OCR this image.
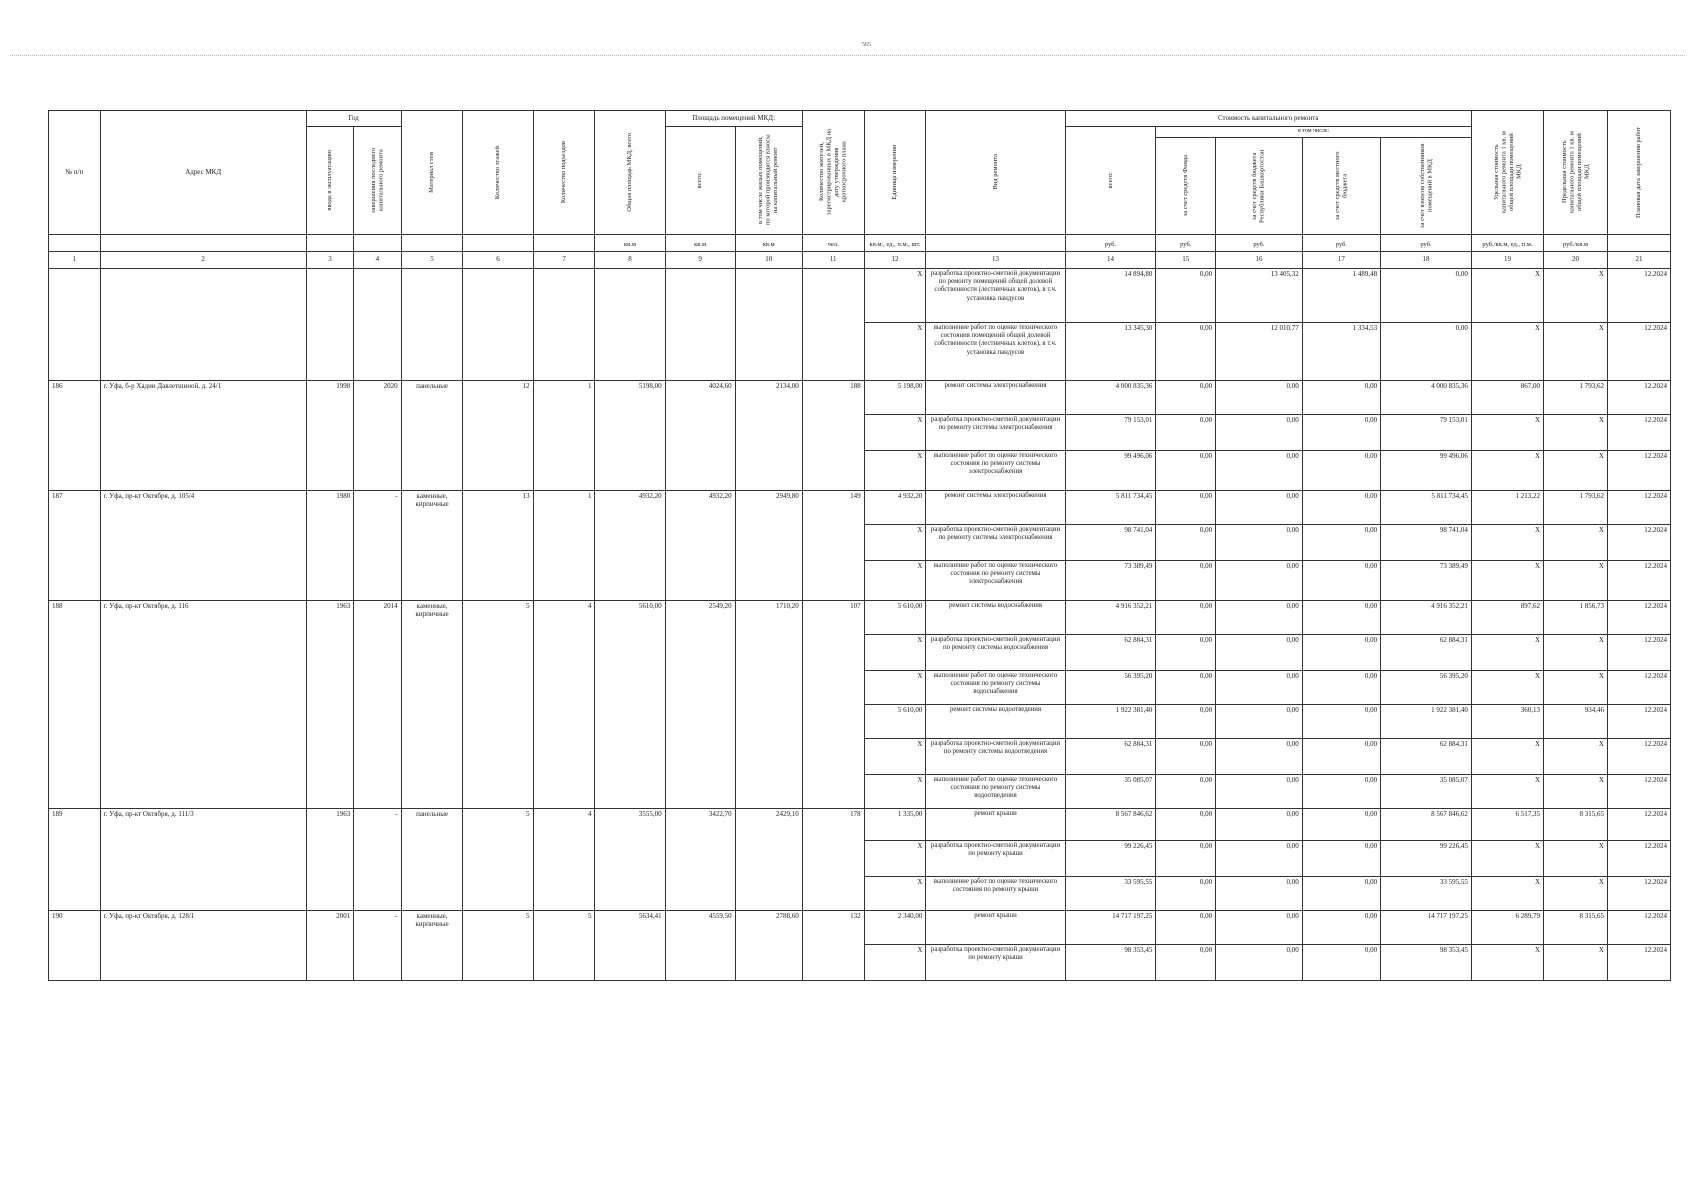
565
№ п/п	Адрес МКД	Год		Материал стен	Количество этажей	Количество подъездов	Общая площадь МКД, всего	Площадь помещений МКД:		Количество жителей, зарегистрированных в МКД на дату утверждения краткосрочного плана	Единица измерения	Вид ремонта	Стоимость капитального ремонта					Удельная стоимость капитального ремонта 1 кв. м общей площади помещений МКД	Предельная стоимость капитального ремонта 1 кв. м общей площади помещений МКД	Плановая дата завершения работ

		ввода в эксплуатацию	завершения последнего капитального ремонта					всего:	в том числе жилых помещений, по которой производятся взносы на капитальный ремонт				всего:	в том числе:						

														за счет средств Фонда	за счет средств бюджета Республики Башкортостан	за счет средств местного бюджета	за счет взносов собственников помещений в МКД			

							кв.м	кв.м	кв.м	чел.	кв.м., ед., п.м., шт.		руб.	руб.	руб.	руб.	руб.	руб./кв.м, ед., п.м.	руб./кв.м	
1	2	3	4	5	6	7	8	9	10	11	12	13	14	15	16	17	18	19	20	21
											X	разработка проектно-сметной документации по ремонту помещений общей долевой собственности (лестничных клеток), в т.ч. установка пандусов	14 894,80	0,00	13 405,32	1 489,48	0,00	X	X	12.2024
											X	выполнение работ по оценке технического состояния помещений общей долевой собственности (лестничных клеток), в т.ч. установка пандусов	13 345,30	0,00	12 010,77	1 334,53	0,00	X	X	12.2024
186	г. Уфа, б-р Хадии Давлетшиной, д. 24/1	1998	2020	панельные	12	1	5198,00	4024,60	2134,00	188	5 198,00	ремонт системы электроснабжения	4 000 835,36	0,00	0,00	0,00	4 000 835,36	867,00	1 793,62	12.2024
											X	разработка проектно-сметной документации по ремонту системы электроснабжения	79 153,01	0,00	0,00	0,00	79 153,01	X	X	12.2024
											X	выполнение работ по оценке технического состояния по ремонту системы электроснабжения	99 496,06	0,00	0,00	0,00	99 496,06	X	X	12.2024
187	г. Уфа, пр-кт Октября, д. 105/4	1980	-	каменные, кирпичные	13	1	4932,20	4932,20	2949,80	149	4 932,20	ремонт системы электроснабжения	5 811 734,45	0,00	0,00	0,00	5 811 734,45	1 213,22	1 793,62	12.2024
											X	разработка проектно-сметной документации по ремонту системы электроснабжения	98 741,04	0,00	0,00	0,00	98 741,04	X	X	12.2024
											X	выполнение работ по оценке технического состояния по ремонту системы электроснабжения	73 389,49	0,00	0,00	0,00	73 389,49	X	X	12.2024
188	г. Уфа, пр-кт Октября, д. 116	1963	2014	каменные, кирпичные	5	4	5610,00	2549,20	1710,20	107	5 610,00	ремонт системы водоснабжения	4 916 352,21	0,00	0,00	0,00	4 916 352,21	897,62	1 856,73	12.2024
											X	разработка проектно-сметной документации по ремонту системы водоснабжения	62 884,31	0,00	0,00	0,00	62 884,31	X	X	12.2024
											X	выполнение работ по оценке технического состояния по ремонту системы водоснабжения	56 395,20	0,00	0,00	0,00	56 395,20	X	X	12.2024
											5 610,00	ремонт системы водоотведения	1 922 381,40	0,00	0,00	0,00	1 922 381,40	360,13	934,46	12.2024
											X	разработка проектно-сметной документации по ремонту системы водоотведения	62 884,31	0,00	0,00	0,00	62 884,31	X	X	12.2024
											X	выполнение работ по оценке технического состояния по ремонту системы водоотведения	35 085,07	0,00	0,00	0,00	35 085,07	X	X	12.2024
189	г. Уфа, пр-кт Октября, д. 111/3	1963	-	панельные	5	4	3555,00	3422,70	2429,10	178	1 335,00	ремонт крыши	8 567 846,62	0,00	0,00	0,00	8 567 846,62	6 517,35	8 315,65	12.2024
											X	разработка проектно-сметной документации по ремонту крыши	99 226,45	0,00	0,00	0,00	99 226,45	X	X	12.2024
											X	выполнение работ по оценке технического состояния по ремонту крыши	33 595,55	0,00	0,00	0,00	33 595,55	X	X	12.2024
190	г. Уфа, пр-кт Октября, д. 128/1	2001	-	каменные, кирпичные	5	5	5634,41	4559,50	2788,60	132	2 340,00	ремонт крыши	14 717 197,25	0,00	0,00	0,00	14 717 197,25	6 289,79	8 315,65	12.2024
											X	разработка проектно-сметной документации по ремонту крыши	98 353,45	0,00	0,00	0,00	98 353,45	X	X	12.2024
